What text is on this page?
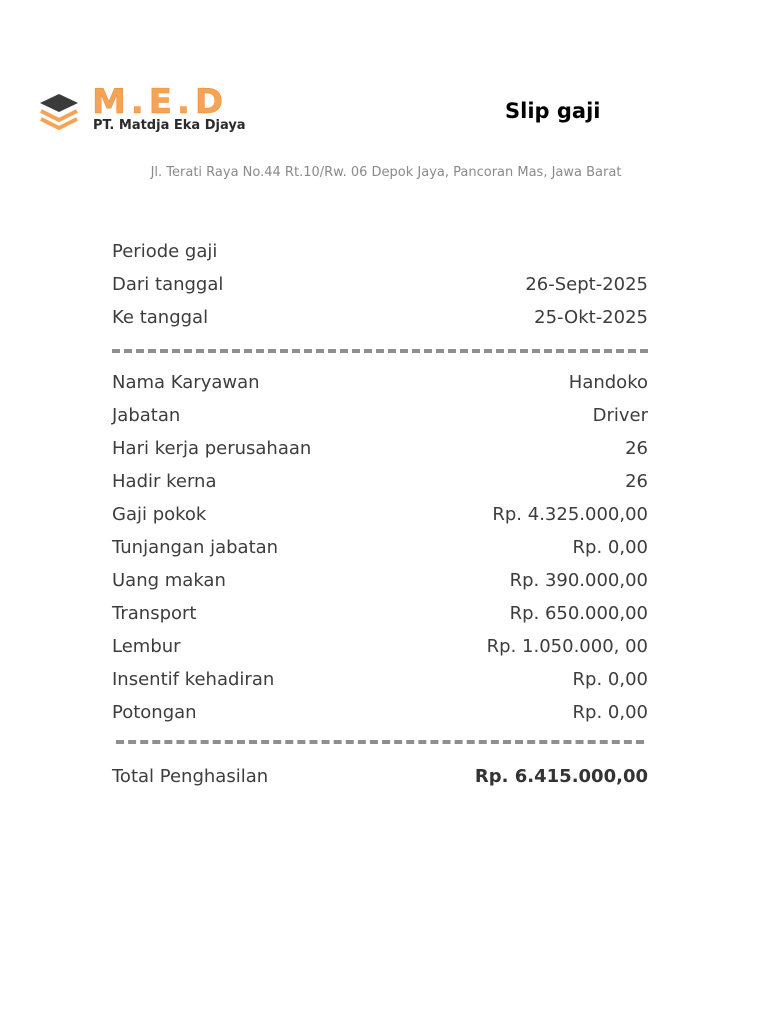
M.E.D
PT. Matdja Eka Djaya
Slip gaji
Jl. Terati Raya No.44 Rt.10/Rw. 06 Depok Jaya, Pancoran Mas, Jawa Barat
Periode gaji
Dari tanggal	26-Sept-2025
Ke tanggal	25-Okt-2025
Nama Karyawan	Handoko
Jabatan	Driver
Hari kerja perusahaan	26
Hadir kerna	26
Gaji pokok	Rp. 4.325.000,00
Tunjangan jabatan	Rp. 0,00
Uang makan	Rp. 390.000,00
Transport	Rp. 650.000,00
Lembur	Rp. 1.050.000, 00
Insentif kehadiran	Rp. 0,00
Potongan	Rp. 0,00
Total Penghasilan	Rp. 6.415.000,00
